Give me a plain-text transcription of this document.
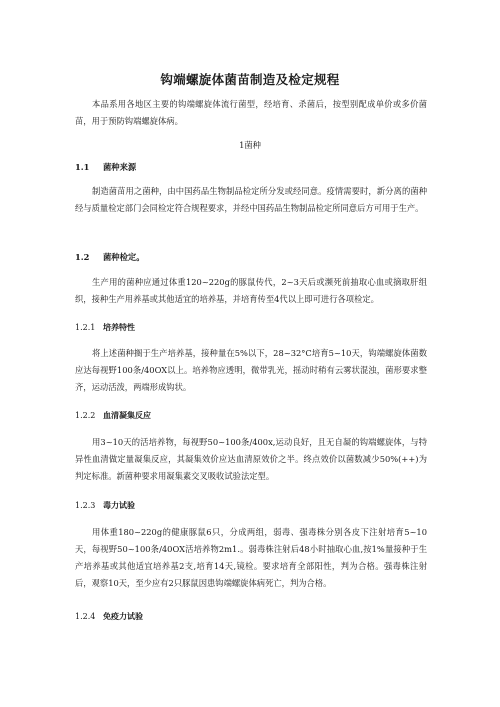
钩端螺旋体菌苗制造及检定规程
本品系用各地区主要的钩端螺旋体流行菌型，经培育、杀菌后，按型别配成单价或多价菌苗，用于预防钩端螺旋体病。
1菌种
1.1 菌种来源
制造菌苗用之菌种，由中国药品生物制品检定所分发或经同意。疫情需要时，新分离的菌种经与质量检定部门会同检定符合规程要求，并经中国药品生物制品检定所同意后方可用于生产。
1.2 菌种检定。
生产用的菌种应通过体重120~220g的豚鼠传代，2~3天后或濒死前抽取心血或摘取肝组织，接种生产用养基或其他适宜的培养基，并培育传至4代以上即可进行各项检定。
1.2.1 培养特性
将上述菌种搁于生产培养基，接种量在5%以下，28~32°C培育5~10天，钩端螺旋体菌数应达每视野100条/40OX以上。培养物应透明，微带乳光，摇动时稍有云雾状混浊，菌形要求整齐，运动活泼，两端形成钩状。
1.2.2 血清凝集反应
用3~10天的活培养物，每视野50~100条/400x,运动良好，且无自凝的钩端螺旋体，与特异性血清做定量凝集反应，其凝集效价应达血清原效价之半。终点效价以菌数减少50%(++)为判定标准。新菌种要求用凝集素交叉吸收试验法定型。
1.2.3 毒力试验
用体重180~220g的健康豚鼠6只，分成两组，弱毒、强毒株分别各皮下注射培育5~10天，每视野50~100条/40OX活培养物2m1.。弱毒株注射后48小时抽取心血,按1%量接种于生产培养基或其他适宜培养基2支,培育14天,镜检。要求培育全部阳性，判为合格。强毒株注射后，观察10天，至少应有2只豚鼠因患钩端螺旋体病死亡，判为合格。
1.2.4 免疫力试验
